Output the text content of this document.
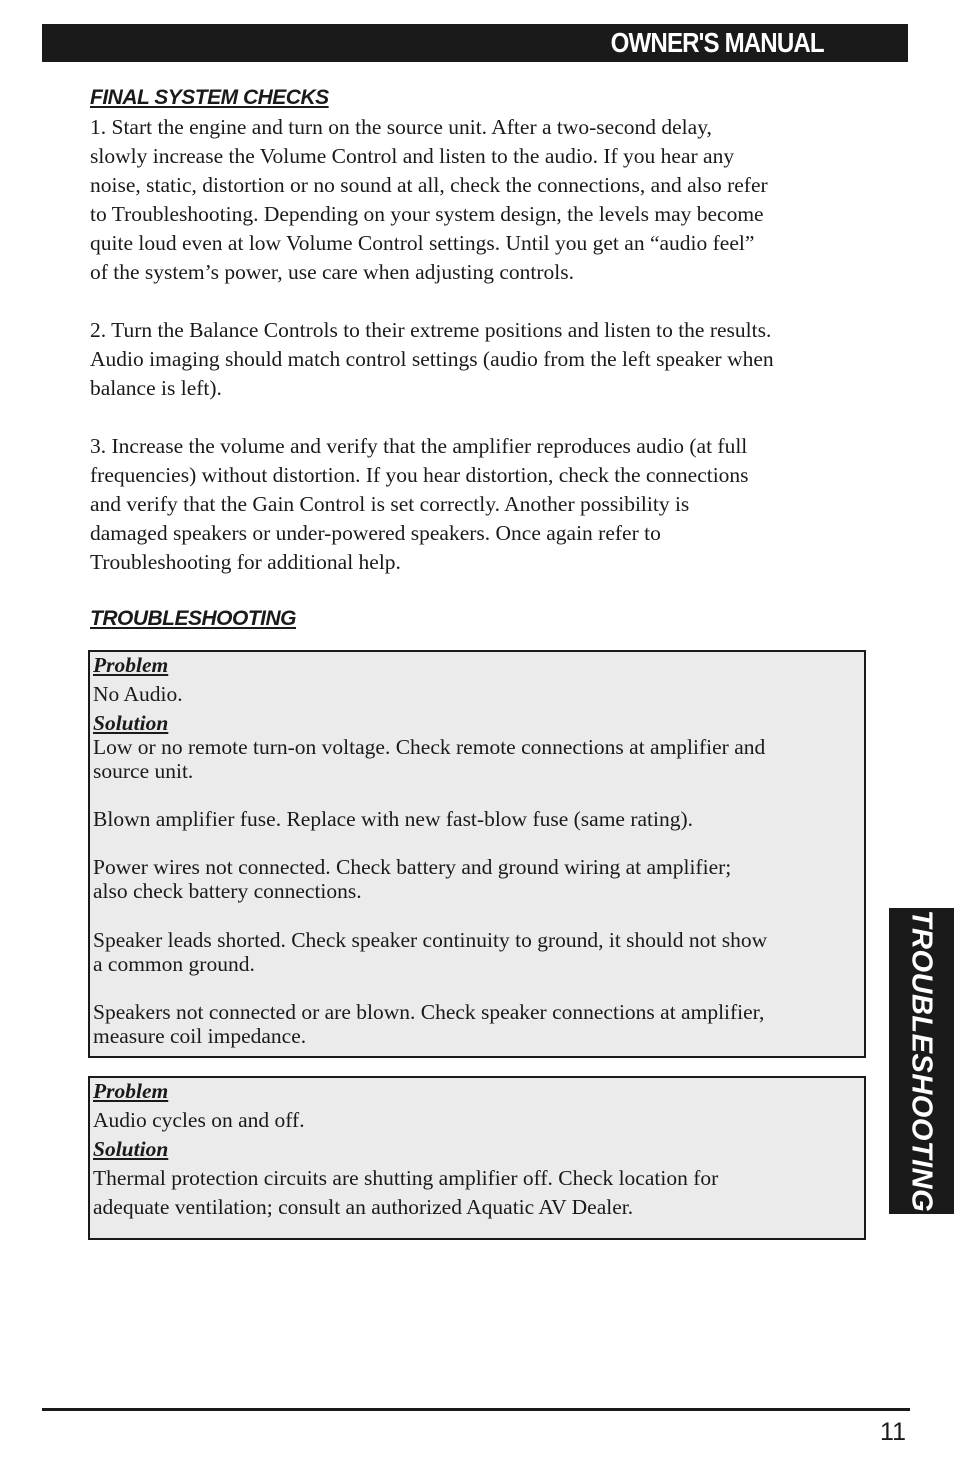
OWNER'S MANUAL
FINAL SYSTEM CHECKS
1. Start the engine and turn on the source unit. After a two-second delay,
slowly increase the Volume Control and listen to the audio. If you hear any
noise, static, distortion or no sound at all, check the connections, and also refer
to Troubleshooting. Depending on your system design, the levels may become
quite loud even at low Volume Control settings. Until you get an “audio feel”
of the system’s power, use care when adjusting controls.
2. Turn the Balance Controls to their extreme positions and listen to the results.
Audio imaging should match control settings (audio from the left speaker when
balance is left).
3. Increase the volume and verify that the amplifier reproduces audio (at full
frequencies) without distortion. If you hear distortion, check the connections
and verify that the Gain Control is set correctly. Another possibility is
damaged speakers or under-powered speakers. Once again refer to
Troubleshooting for additional help.
TROUBLESHOOTING
Problem
No Audio.
Solution
Low or no remote turn-on voltage. Check remote connections at amplifier and
source unit.
Blown amplifier fuse. Replace with new fast-blow fuse (same rating).
Power wires not connected. Check battery and ground wiring at amplifier;
also check battery connections.
Speaker leads shorted. Check speaker continuity to ground, it should not show
a common ground.
Speakers not connected or are blown. Check speaker connections at amplifier,
measure coil impedance.
Problem
Audio cycles on and off.
Solution
Thermal protection circuits are shutting amplifier off. Check location for
adequate ventilation; consult an authorized Aquatic AV Dealer.	TROUBLESHOOTING
11
